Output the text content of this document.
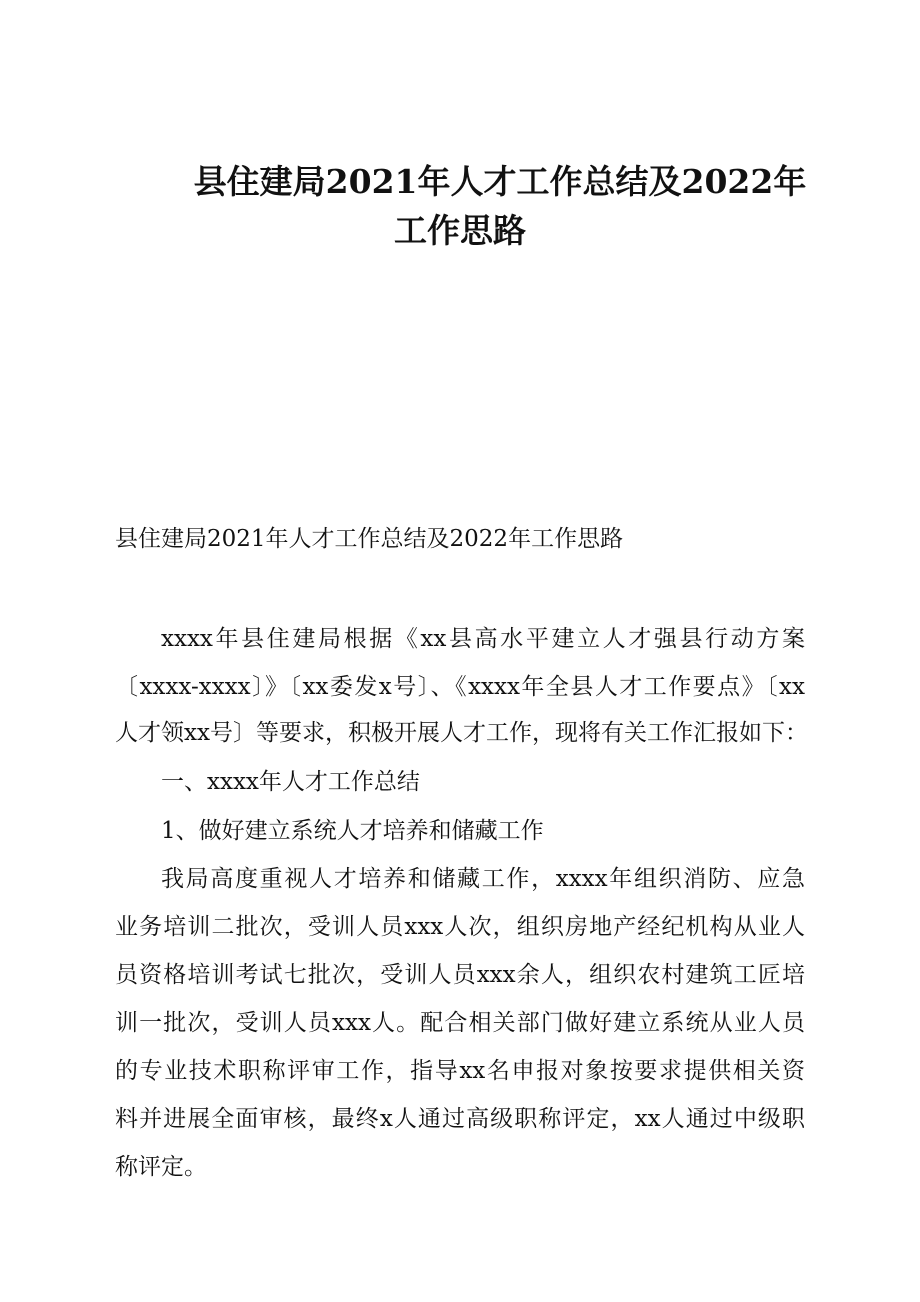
县住建局2021年人才工作总结及2022年
工作思路

县住建局2021年人才工作总结及2022年工作思路

xxxx年县住建局根据《xx县高水平建立人才强县行动方案

〔xxxx-xxxx〕》〔xx委发x号〕、《xxxx年全县人才工作要点》〔xx

人才领xx号〕等要求，积极开展人才工作，现将有关工作汇报如下：

一、xxxx年人才工作总结

1、做好建立系统人才培养和储藏工作

我局高度重视人才培养和储藏工作，xxxx年组织消防、应急

业务培训二批次，受训人员xxx人次，组织房地产经纪机构从业人

员资格培训考试七批次，受训人员xxx余人，组织农村建筑工匠培

训一批次，受训人员xxx人。配合相关部门做好建立系统从业人员

的专业技术职称评审工作，指导xx名申报对象按要求提供相关资

料并进展全面审核，最终x人通过高级职称评定，xx人通过中级职

称评定。
